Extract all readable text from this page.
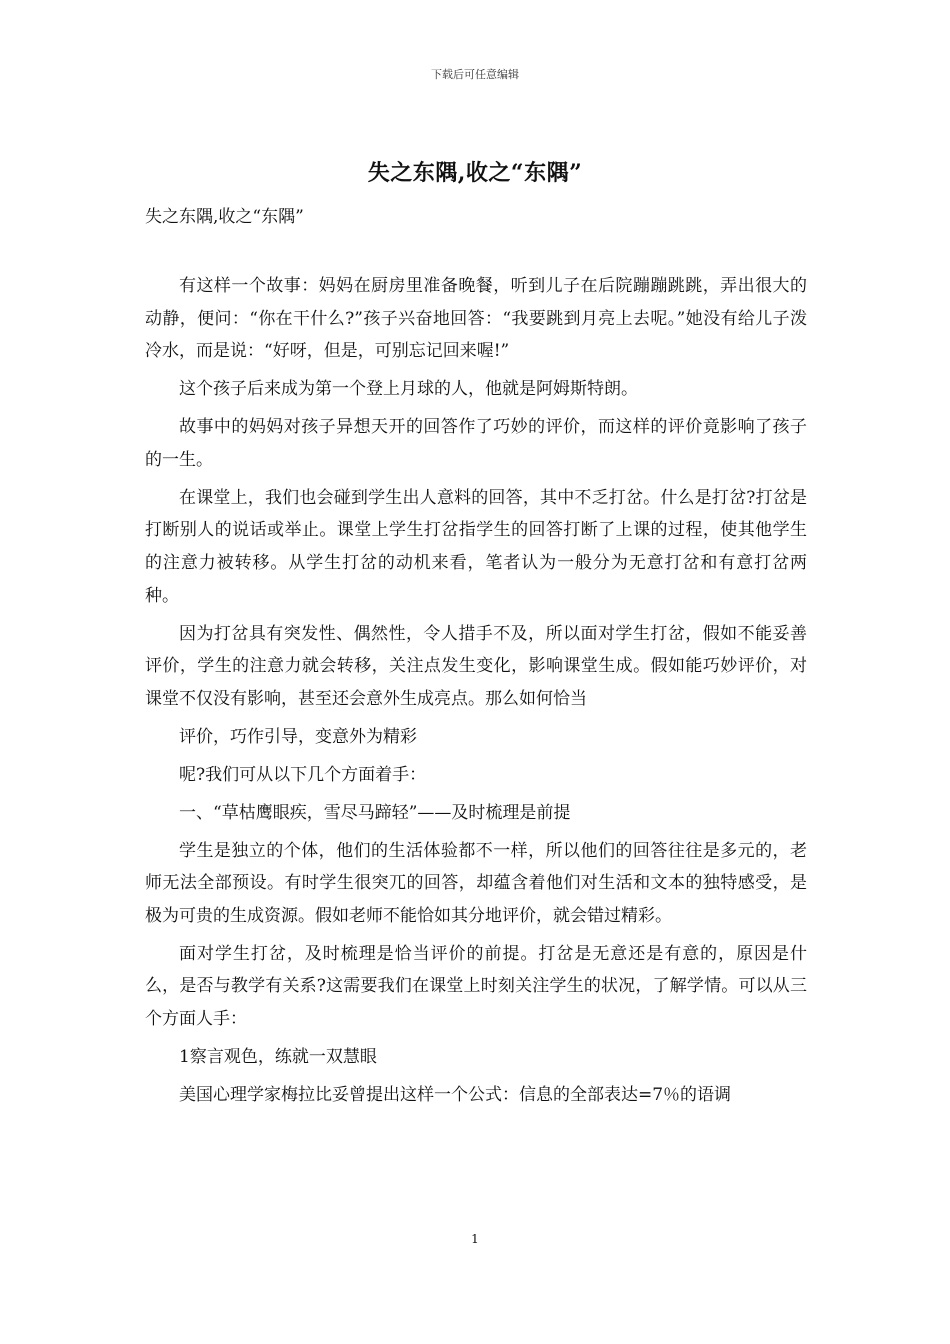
下载后可任意编辑
失之东隅,收之“东隅”
失之东隅,收之“东隅”

有这样一个故事：妈妈在厨房里准备晚餐，听到儿子在后院蹦蹦跳跳，弄出很大的动静，便问：“你在干什么?”孩子兴奋地回答：“我要跳到月亮上去呢。”她没有给儿子泼冷水，而是说：“好呀，但是，可别忘记回来喔!”

这个孩子后来成为第一个登上月球的人，他就是阿姆斯特朗。

故事中的妈妈对孩子异想天开的回答作了巧妙的评价，而这样的评价竟影响了孩子的一生。

在课堂上，我们也会碰到学生出人意料的回答，其中不乏打岔。什么是打岔?打岔是打断别人的说话或举止。课堂上学生打岔指学生的回答打断了上课的过程，使其他学生的注意力被转移。从学生打岔的动机来看，笔者认为一般分为无意打岔和有意打岔两种。

因为打岔具有突发性、偶然性，令人措手不及，所以面对学生打岔，假如不能妥善评价，学生的注意力就会转移，关注点发生变化，影响课堂生成。假如能巧妙评价，对课堂不仅没有影响，甚至还会意外生成亮点。那么如何恰当

评价，巧作引导，变意外为精彩

呢?我们可从以下几个方面着手：

一、“草枯鹰眼疾，雪尽马蹄轻”——及时梳理是前提

学生是独立的个体，他们的生活体验都不一样，所以他们的回答往往是多元的，老师无法全部预设。有时学生很突兀的回答，却蕴含着他们对生活和文本的独特感受，是极为可贵的生成资源。假如老师不能恰如其分地评价，就会错过精彩。

面对学生打岔，及时梳理是恰当评价的前提。打岔是无意还是有意的，原因是什么，是否与教学有关系?这需要我们在课堂上时刻关注学生的状况，了解学情。可以从三个方面人手：

1察言观色，练就一双慧眼

美国心理学家梅拉比妥曾提出这样一个公式：信息的全部表达=7％的语调

1
